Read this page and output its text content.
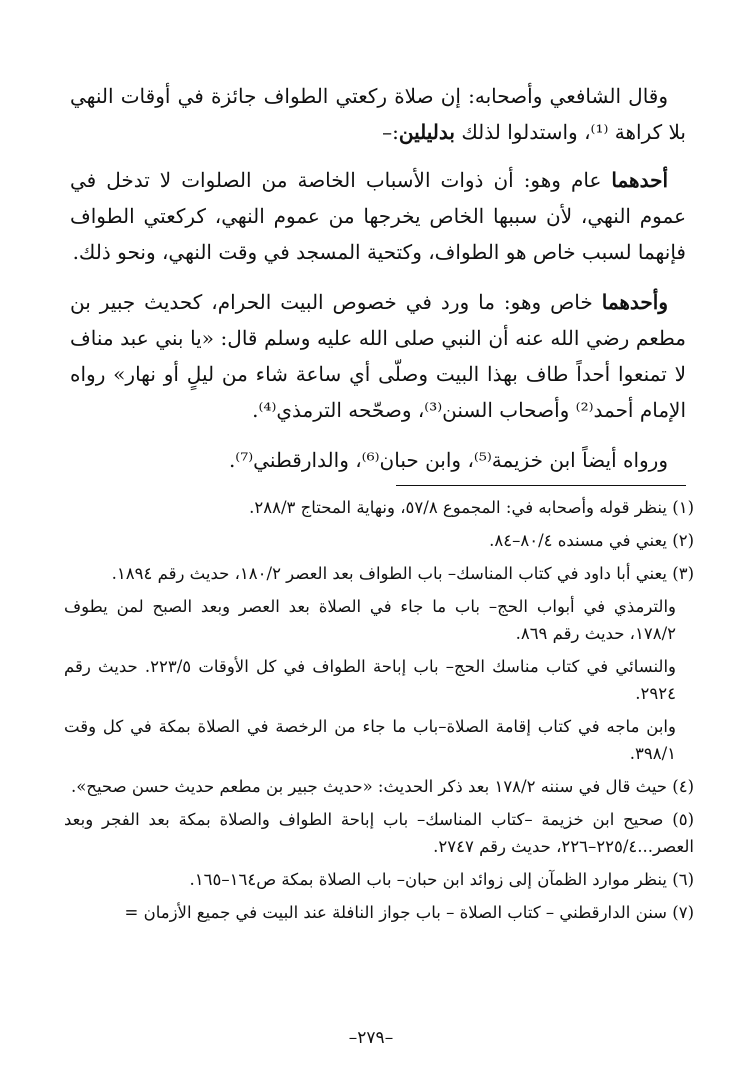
وقال الشافعي وأصحابه: إن صلاة ركعتي الطواف جائزة في أوقات النهي بلا كراهة ⁽¹⁾، واستدلوا لذلك بدليلين:–

أحدهما عام وهو: أن ذوات الأسباب الخاصة من الصلوات لا تدخل في عموم النهي، لأن سببها الخاص يخرجها من عموم النهي، كركعتي الطواف فإنهما لسبب خاص هو الطواف، وكتحية المسجد في وقت النهي، ونحو ذلك.

وأحدهما خاص وهو: ما ورد في خصوص البيت الحرام، كحديث جبير بن مطعم رضي الله عنه أن النبي صلى الله عليه وسلم قال: «يا بني عبد مناف لا تمنعوا أحداً طاف بهذا البيت وصلّى أي ساعة شاء من ليلٍ أو نهار» رواه الإمام أحمد⁽²⁾ وأصحاب السنن⁽³⁾، وصحّحه الترمذي⁽⁴⁾.

ورواه أيضاً ابن خزيمة⁽⁵⁾، وابن حبان⁽⁶⁾، والدارقطني⁽⁷⁾.

(١) ينظر قوله وأصحابه في: المجموع ٥٧/٨، ونهاية المحتاج ٢٨٨/٣.
(٢) يعني في مسنده ٨٠/٤–٨٤.
(٣) يعني أبا داود في كتاب المناسك– باب الطواف بعد العصر ١٨٠/٢، حديث رقم ١٨٩٤.
والترمذي في أبواب الحج– باب ما جاء في الصلاة بعد العصر وبعد الصبح لمن يطوف ١٧٨/٢، حديث رقم ٨٦٩.
والنسائي في كتاب مناسك الحج– باب إباحة الطواف في كل الأوقات ٢٢٣/٥. حديث رقم ٢٩٢٤.
وابن ماجه في كتاب إقامة الصلاة–باب ما جاء من الرخصة في الصلاة بمكة في كل وقت ٣٩٨/١.
(٤) حيث قال في سننه ١٧٨/٢ بعد ذكر الحديث: «حديث جبير بن مطعم حديث حسن صحيح».
(٥) صحيح ابن خزيمة –كتاب المناسك– باب إباحة الطواف والصلاة بمكة بعد الفجر وبعد العصر...٢٢٥/٤–٢٢٦، حديث رقم ٢٧٤٧.
(٦) ينظر موارد الظمآن إلى زوائد ابن حبان– باب الصلاة بمكة ص١٦٤–١٦٥.
(٧) سنن الدارقطني – كتاب الصلاة – باب جواز النافلة عند البيت في جميع الأزمان =
–٢٧٩–
